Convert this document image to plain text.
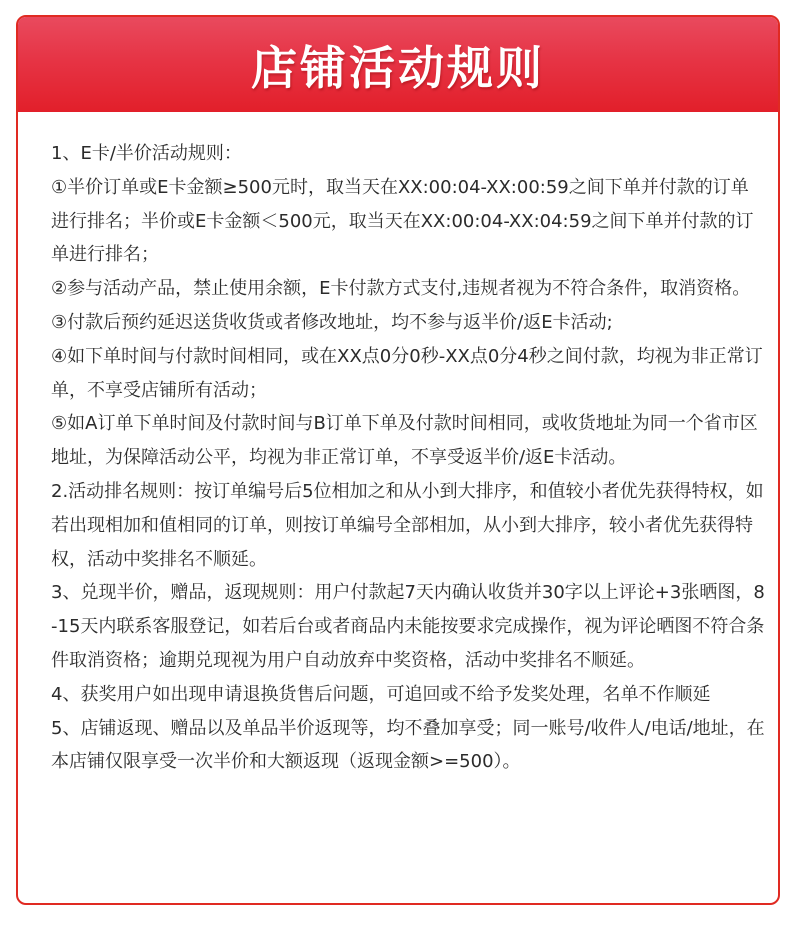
店铺活动规则

1、E卡/半价活动规则：

①半价订单或E卡金额≥500元时，取当天在XX:00:04-XX:00:59之间下单并付款的订单进行排名；半价或E卡金额＜500元，取当天在XX:00:04-XX:04:59之间下单并付款的订单进行排名；

②参与活动产品，禁止使用余额，E卡付款方式支付,违规者视为不符合条件，取消资格。

③付款后预约延迟送货收货或者修改地址，均不参与返半价/返E卡活动;

④如下单时间与付款时间相同，或在XX点0分0秒-XX点0分4秒之间付款，均视为非正常订单，不享受店铺所有活动；

⑤如A订单下单时间及付款时间与B订单下单及付款时间相同，或收货地址为同一个省市区地址，为保障活动公平，均视为非正常订单，不享受返半价/返E卡活动。

2.活动排名规则：按订单编号后5位相加之和从小到大排序，和值较小者优先获得特权，如若出现相加和值相同的订单，则按订单编号全部相加，从小到大排序，较小者优先获得特权，活动中奖排名不顺延。

3、兑现半价，赠品，返现规则：用户付款起7天内确认收货并30字以上评论+3张晒图，8-15天内联系客服登记，如若后台或者商品内未能按要求完成操作，视为评论晒图不符合条件取消资格；逾期兑现视为用户自动放弃中奖资格，活动中奖排名不顺延。

4、获奖用户如出现申请退换货售后问题，可追回或不给予发奖处理，名单不作顺延

5、店铺返现、赠品以及单品半价返现等，均不叠加享受；同一账号/收件人/电话/地址，在本店铺仅限享受一次半价和大额返现（返现金额>=500）。
